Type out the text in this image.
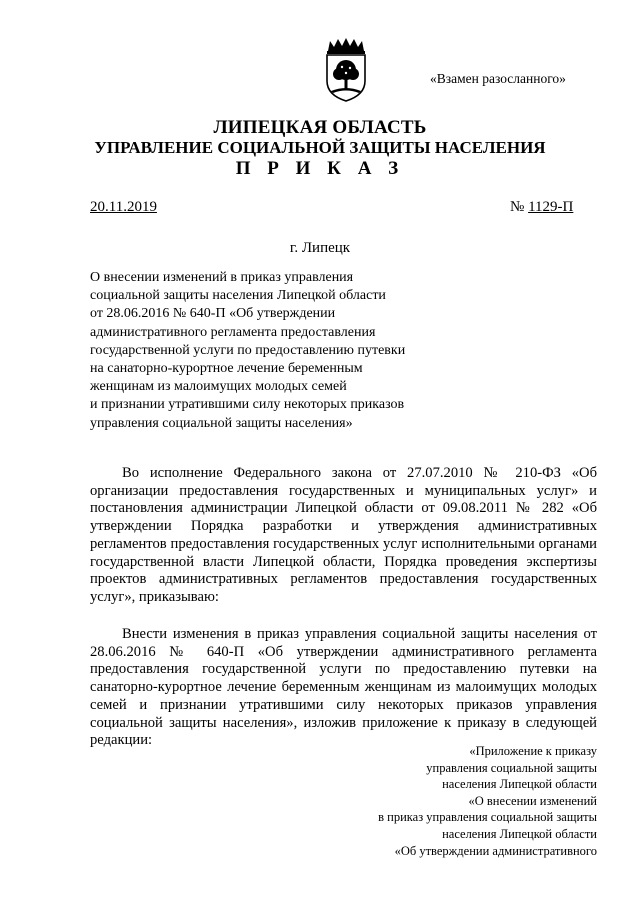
«Взамен разосланного»
ЛИПЕЦКАЯ ОБЛАСТЬ
УПРАВЛЕНИЕ СОЦИАЛЬНОЙ ЗАЩИТЫ НАСЕЛЕНИЯ
П Р И К А З
20.11.2019	№ 1129-П
г. Липецк
О внесении изменений в приказ управления
социальной защиты населения Липецкой области
от 28.06.2016 № 640-П «Об утверждении
административного регламента предоставления
государственной услуги по предоставлению путевки
на санаторно-курортное лечение беременным
женщинам из малоимущих молодых семей
и признании утратившими силу некоторых приказов
управления социальной защиты населения»

Во исполнение Федерального закона от 27.07.2010 № 210-ФЗ «Об организации предоставления государственных и муниципальных услуг» и постановления администрации Липецкой области от 09.08.2011 № 282 «Об утверждении Порядка разработки и утверждения административных регламентов предоставления государственных услуг исполнительными органами государственной власти Липецкой области, Порядка проведения экспертизы проектов административных регламентов предоставления государственных услуг», приказываю:

Внести изменения в приказ управления социальной защиты населения от 28.06.2016 № 640-П «Об утверждении административного регламента предоставления государственной услуги по предоставлению путевки на санаторно-курортное лечение беременным женщинам из малоимущих молодых семей и признании утратившими силу некоторых приказов управления социальной защиты населения», изложив приложение к приказу в следующей редакции:

«Приложение к приказу
управления социальной защиты
населения Липецкой области
«О внесении изменений
в приказ управления социальной защиты
населения Липецкой области
«Об утверждении административного
